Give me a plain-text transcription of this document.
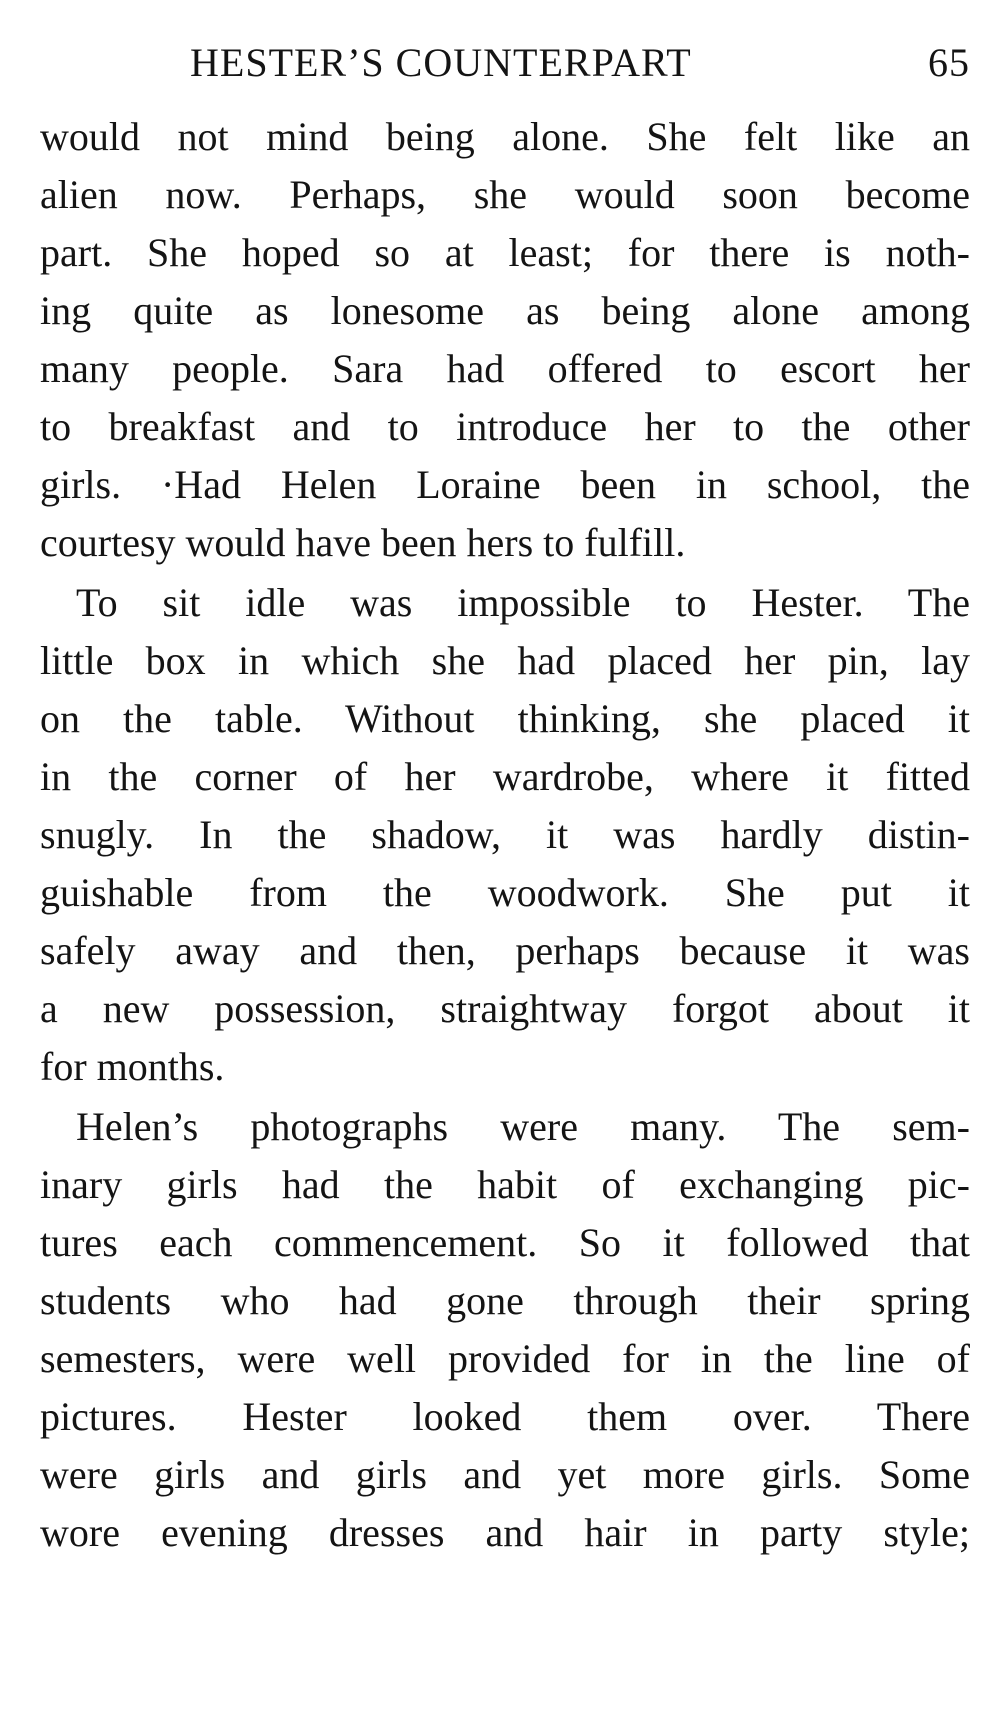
HESTER’S COUNTERPART	65
would not mind being alone. She felt like an
alien now. Perhaps, she would soon become
part. She hoped so at least; for there is noth-
ing quite as lonesome as being alone among
many people. Sara had offered to escort her
to breakfast and to introduce her to the other
girls. ·Had Helen Loraine been in school, the
courtesy would have been hers to fulfill.
To sit idle was impossible to Hester. The
little box in which she had placed her pin, lay
on the table. Without thinking, she placed it
in the corner of her wardrobe, where it fitted
snugly. In the shadow, it was hardly distin-
guishable from the woodwork. She put it
safely away and then, perhaps because it was
a new possession, straightway forgot about it
for months.
Helen’s photographs were many. The sem-
inary girls had the habit of exchanging pic-
tures each commencement. So it followed that
students who had gone through their spring
semesters, were well provided for in the line of
pictures. Hester looked them over. There
were girls and girls and yet more girls. Some
wore evening dresses and hair in party style;
